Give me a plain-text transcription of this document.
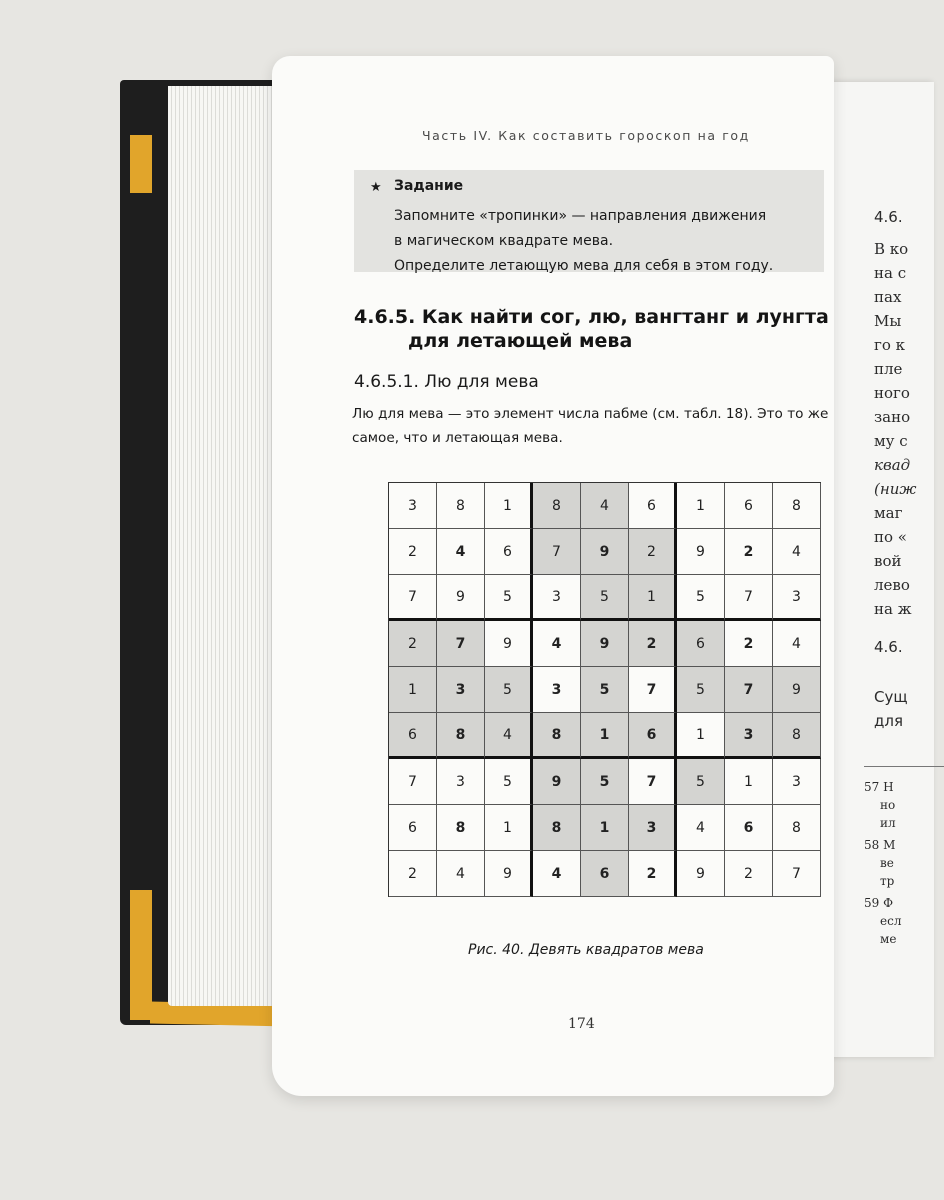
4.6.
В ко
на с
пах
Мы
го к
пле
ного
зано
му с
квад
(ниж
маг
по «
вой
лево
на ж
4.6.
Сущ
для
57 Н
но
ил
58 М
ве
тр
59 Ф
есл
ме
Часть IV. Как составить гороскоп на год
★ Задание
Запомните «тропинки» — направления движения
в магическом квадрате мева.
Определите летающую мева для себя в этом году.
4.6.5. Как найти сог, лю, вангтанг и лунгта
для летающей мева
4.6.5.1. Лю для мева
Лю для мева — это элемент числа пабме (см. табл. 18). Это то же
самое, что и летающая мева.
3	8	1	8	4	6	1	6	8
2	4	6	7	9	2	9	2	4
7	9	5	3	5	1	5	7	3
2	7	9	4	9	2	6	2	4
1	3	5	3	5	7	5	7	9
6	8	4	8	1	6	1	3	8
7	3	5	9	5	7	5	1	3
6	8	1	8	1	3	4	6	8
2	4	9	4	6	2	9	2	7
Рис. 40. Девять квадратов мева
174
